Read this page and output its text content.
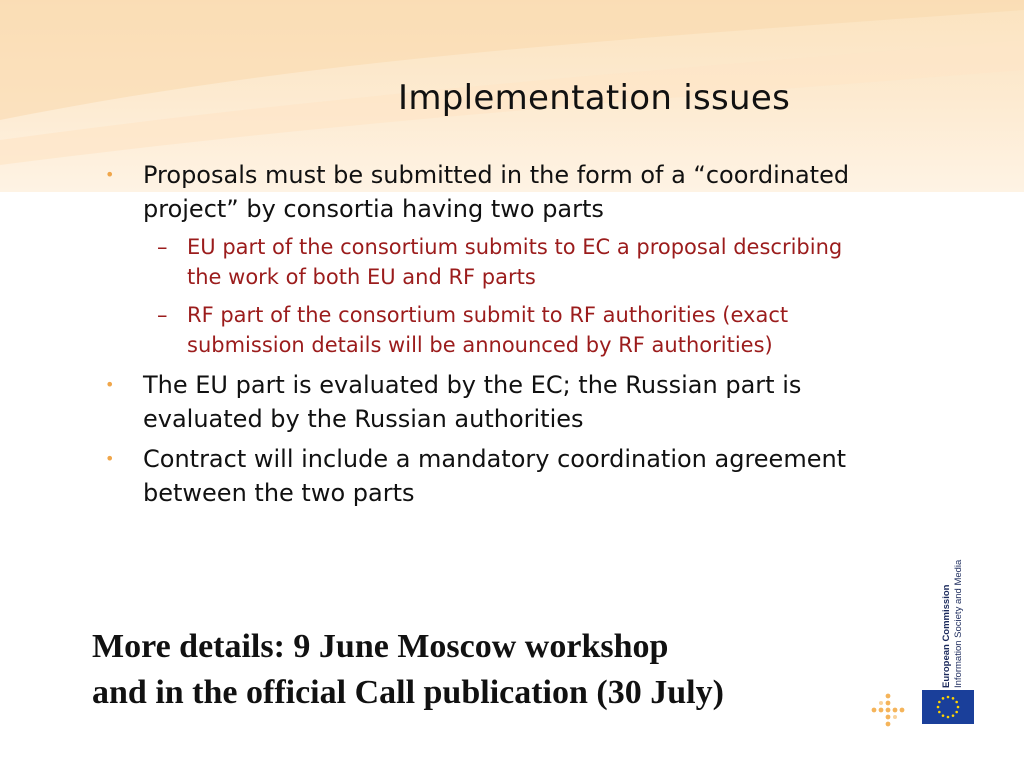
Implementation issues
• Proposals must be submitted in the form of a “coordinated project” by consortia having two parts
– EU part of the consortium submits to EC a proposal describing the work of both EU and RF parts
– RF part of the consortium submit to RF authorities (exact submission details will be announced by RF authorities)
• The EU part is evaluated by the EC; the Russian part is evaluated by the Russian authorities
• Contract will include a mandatory coordination agreement between the two parts
More details: 9 June Moscow workshop
and in the official Call publication (30 July)
European Commission Information Society and Media
